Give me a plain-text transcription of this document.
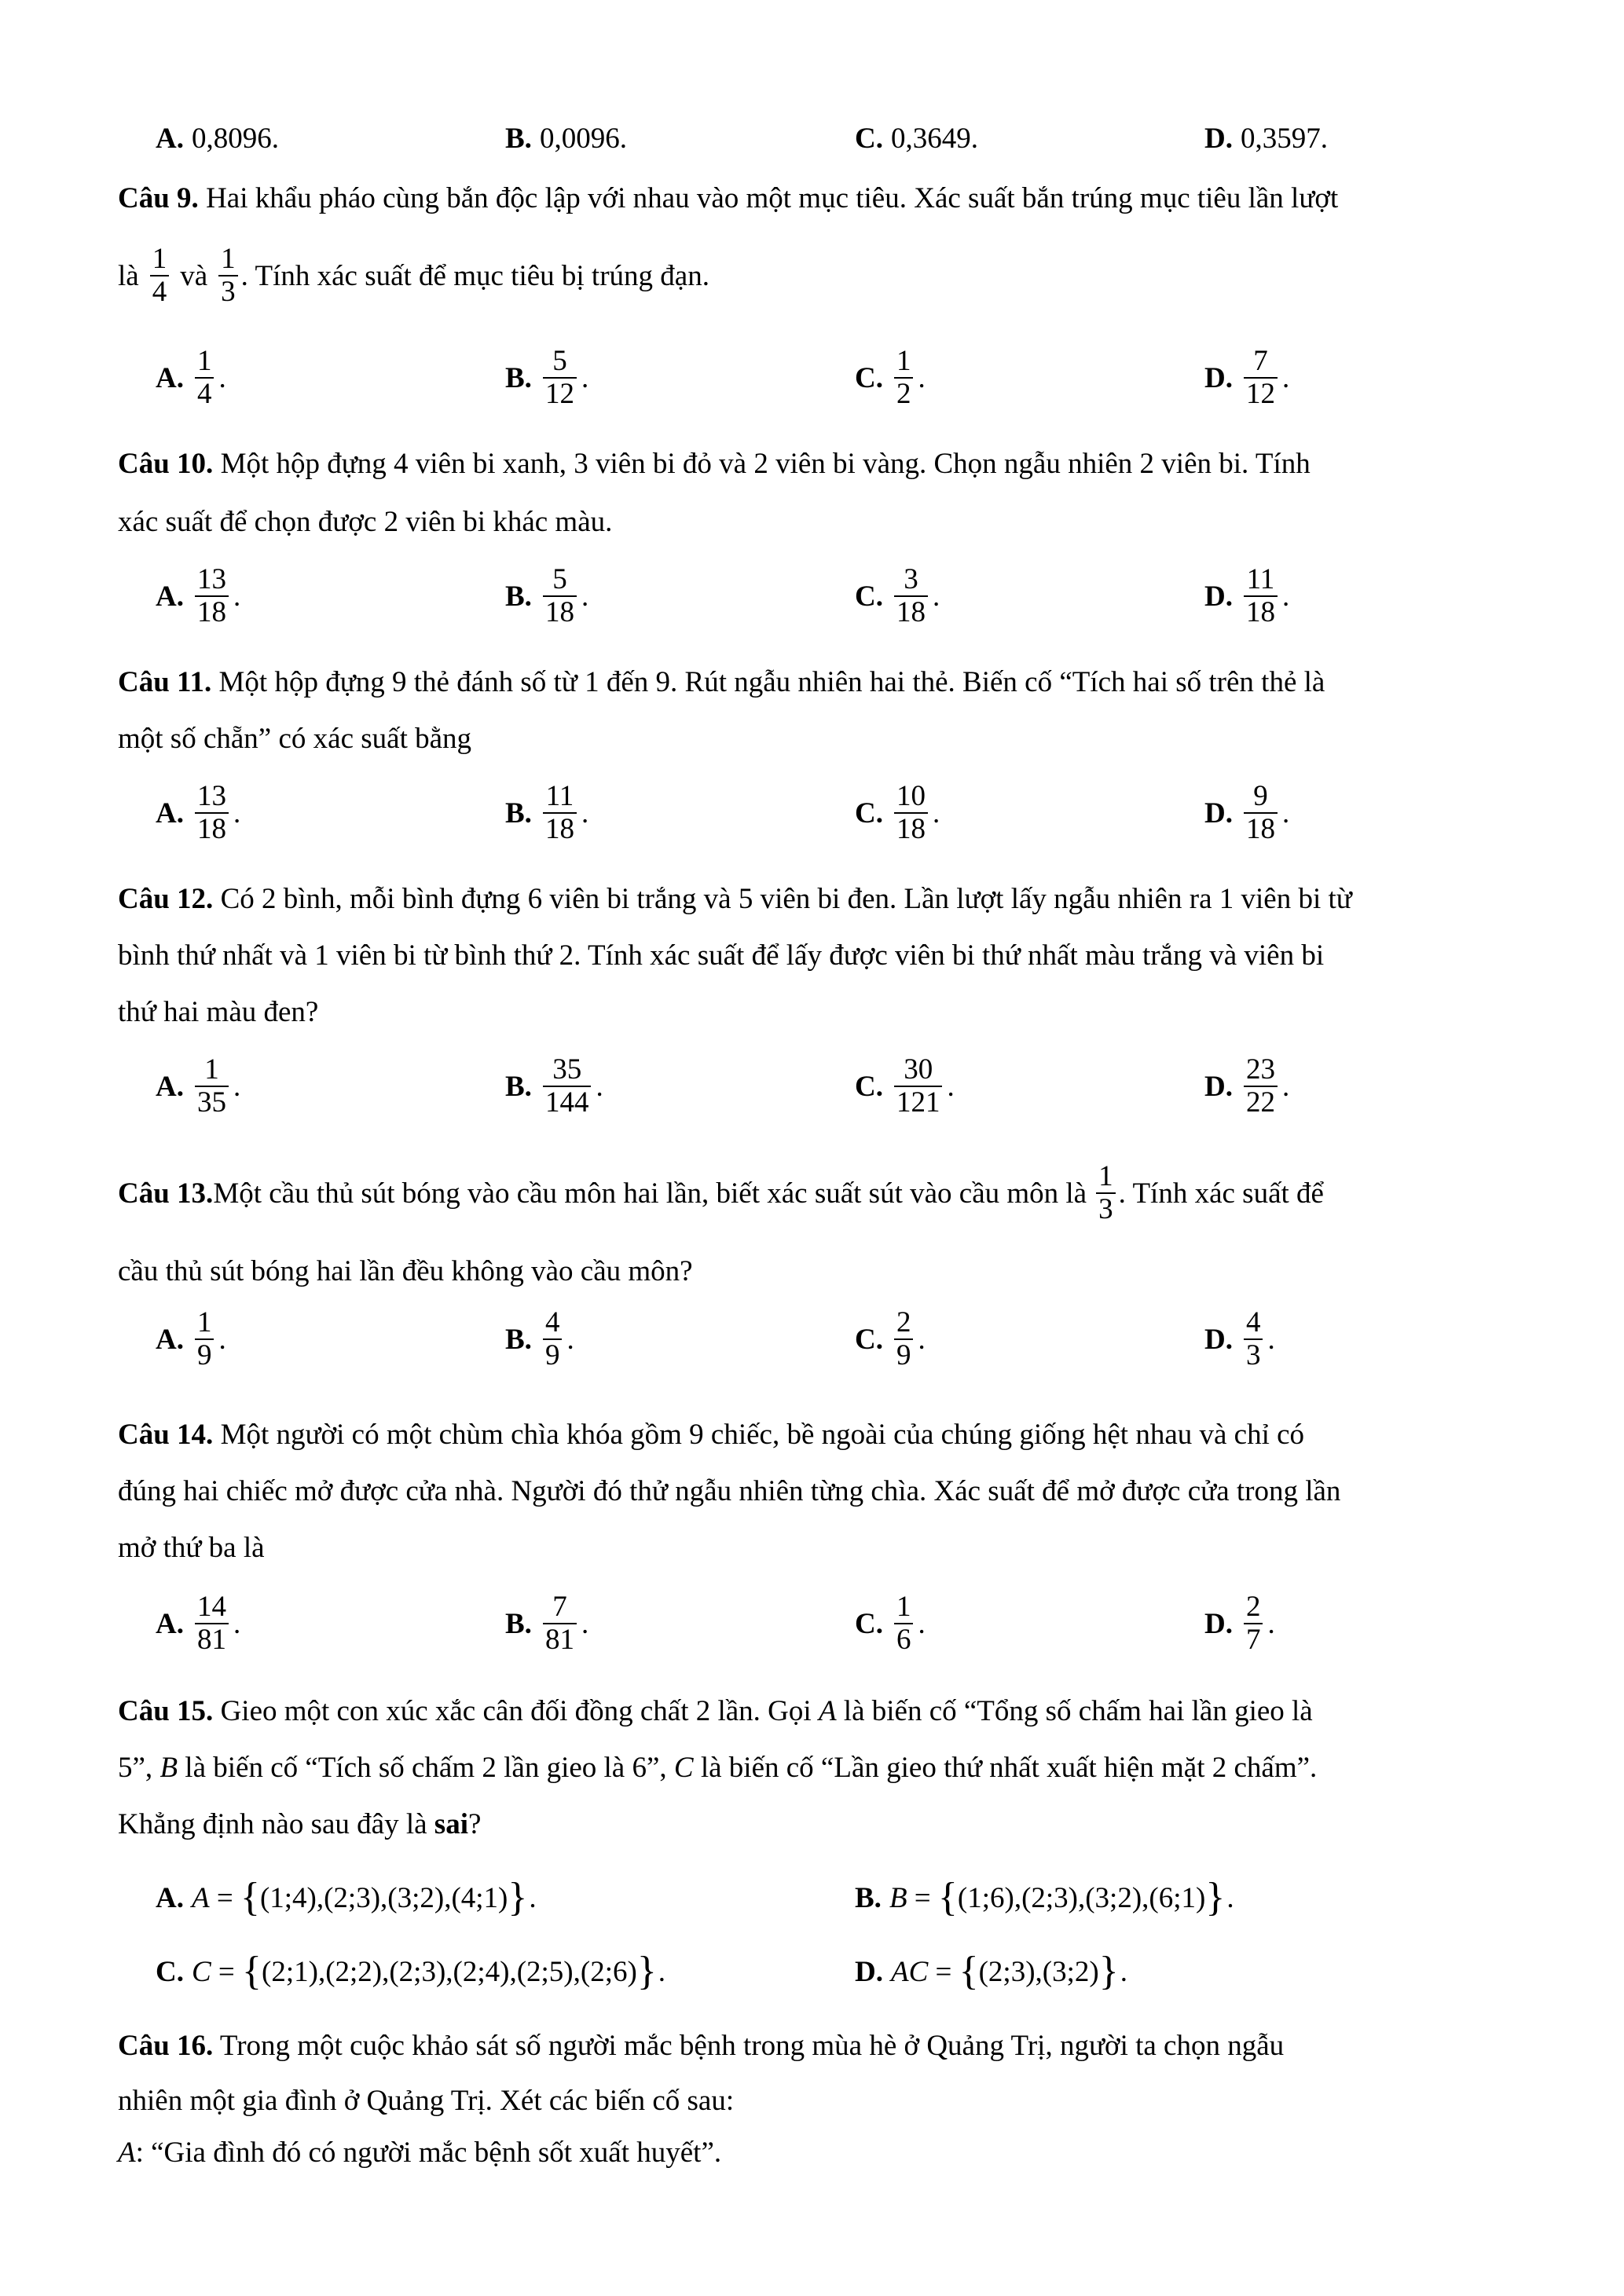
A. 0,8096 .	B. 0,0096 .	C. 0,3649 .	D. 0,3597 .
Câu 9. Hai khẩu pháo cùng bắn độc lập với nhau vào một mục tiêu. Xác suất bắn trúng mục tiêu lần lượt
là $\frac{1}{4}$ và $\frac{1}{3}$ . Tính xác suất để mục tiêu bị trúng đạn.
A. $\frac{1}{4}$ .	B. $\frac{5}{12}$ .	C. $\frac{1}{2}$ .	D. $\frac{7}{12}$ .
Câu 10. Một hộp đựng 4 viên bi xanh, 3 viên bi đỏ và 2 viên bi vàng. Chọn ngẫu nhiên 2 viên bi. Tính
xác suất để chọn được 2 viên bi khác màu.
A. $\frac{13}{18}$ .	B. $\frac{5}{18}$ .	C. $\frac{3}{18}$ .	D. $\frac{11}{18}$ .
Câu 11. Một hộp đựng 9 thẻ đánh số từ 1 đến 9. Rút ngẫu nhiên hai thẻ. Biến cố “Tích hai số trên thẻ là
một số chẵn” có xác suất bằng
A. $\frac{13}{18}$ .	B. $\frac{11}{18}$ .	C. $\frac{10}{18}$ .	D. $\frac{9}{18}$ .
Câu 12. Có 2 bình, mỗi bình đựng 6 viên bi trắng và 5 viên bi đen. Lần lượt lấy ngẫu nhiên ra 1 viên bi từ
bình thứ nhất và 1 viên bi từ bình thứ 2. Tính xác suất để lấy được viên bi thứ nhất màu trắng và viên bi
thứ hai màu đen?
A. $\frac{1}{35}$ .	B. $\frac{35}{144}$ .	C. $\frac{30}{121}$ .	D. $\frac{23}{22}$ .
Câu 13. Một cầu thủ sút bóng vào cầu môn hai lần, biết xác suất sút vào cầu môn là $\frac{1}{3}$ . Tính xác suất để
cầu thủ sút bóng hai lần đều không vào cầu môn?
A. $\frac{1}{9}$ .	B. $\frac{4}{9}$ .	C. $\frac{2}{9}$ .	D. $\frac{4}{3}$ .
Câu 14. Một người có một chùm chìa khóa gồm 9 chiếc, bề ngoài của chúng giống hệt nhau và chỉ có
đúng hai chiếc mở được cửa nhà. Người đó thử ngẫu nhiên từng chìa. Xác suất để mở được cửa trong lần
mở thứ ba là
A. $\frac{14}{81}$ .	B. $\frac{7}{81}$ .	C. $\frac{1}{6}$ .	D. $\frac{2}{7}$ .
Câu 15. Gieo một con xúc xắc cân đối đồng chất 2 lần. Gọi A là biến cố “Tổng số chấm hai lần gieo là
5”, B là biến cố “Tích số chấm 2 lần gieo là 6”, C là biến cố “Lần gieo thứ nhất xuất hiện mặt 2 chấm”.
Khẳng định nào sau đây là sai?
A. A = { (1;4),(2;3),(3;2),(4;1) } .	B. B = { (1;6),(2;3),(3;2),(6;1) } .
C. C = { (2;1),(2;2),(2;3),(2;4),(2;5),(2;6) } .	D. AC = { (2;3),(3;2) } .
Câu 16. Trong một cuộc khảo sát số người mắc bệnh trong mùa hè ở Quảng Trị, người ta chọn ngẫu
nhiên một gia đình ở Quảng Trị. Xét các biến cố sau:
A: “Gia đình đó có người mắc bệnh sốt xuất huyết”.
